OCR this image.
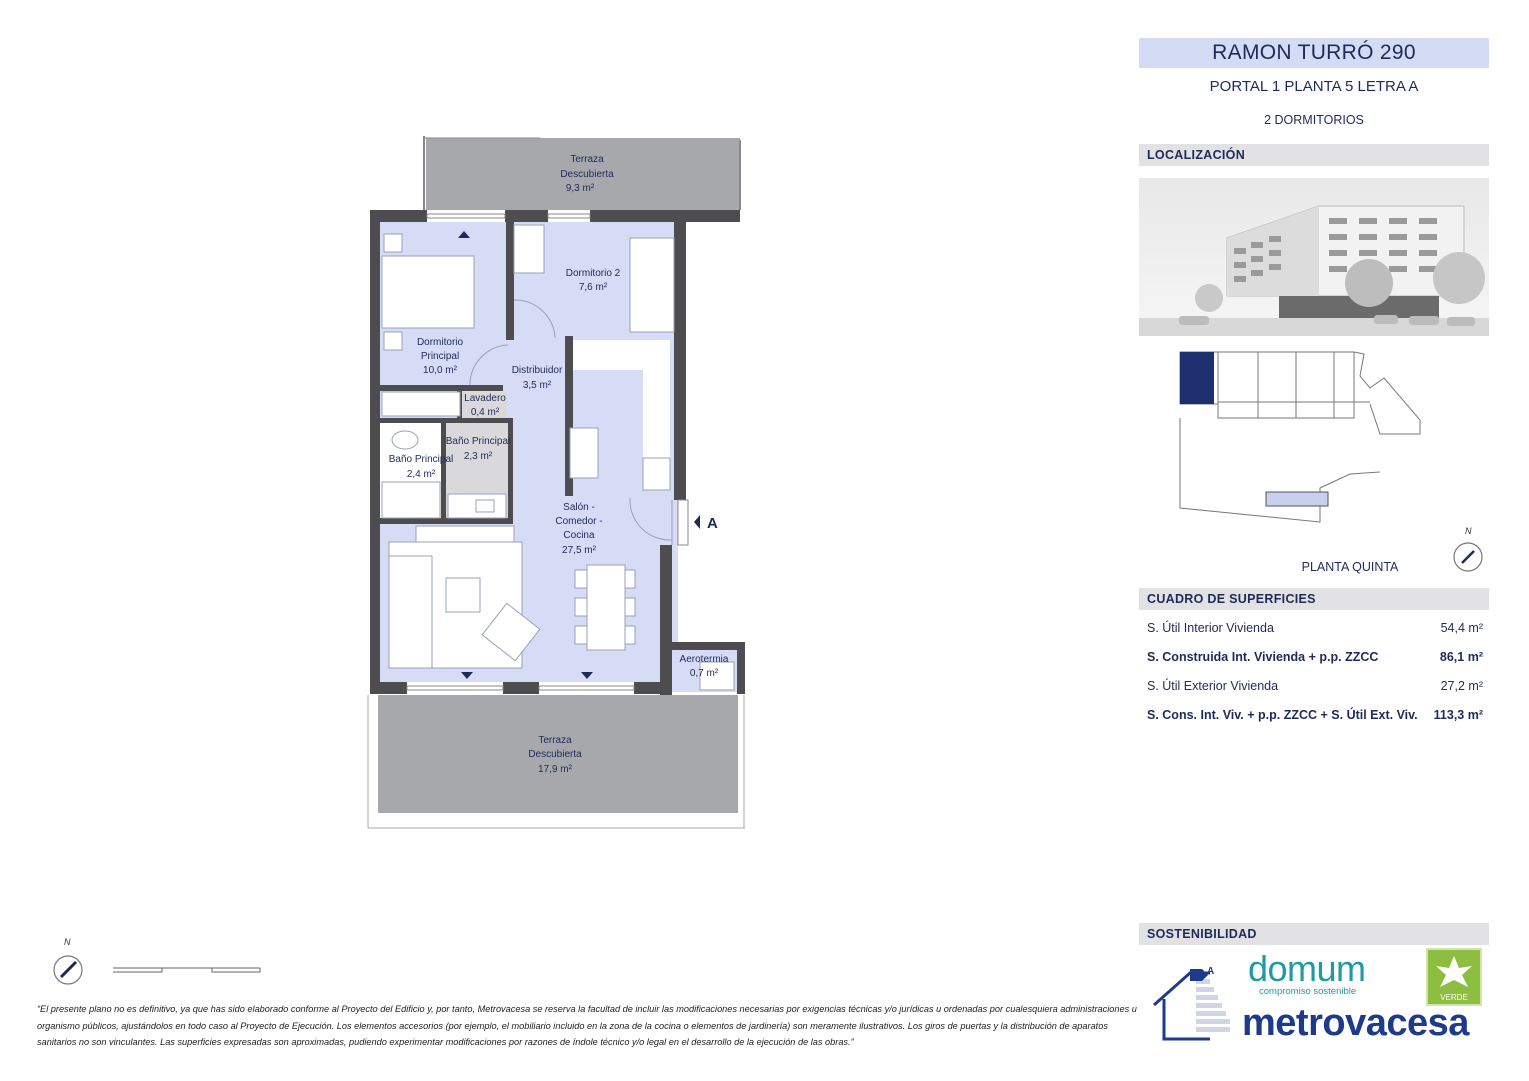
A
Terraza
Descubierta
9,3 m²
Dormitorio 2
7,6 m²
Dormitorio
Principal
10,0 m²	Distribuidor
3,5 m²
Lavadero
0,4 m²
Baño Principal
2,3 m²
Baño Principal
2,4 m²
Salón -
Comedor -
Cocina
27,5 m²
Aerotermia
0,7 m²
Terraza
Descubierta
17,9 m²
N
RAMON TURRÓ 290
PORTAL 1 PLANTA 5 LETRA A
2 DORMITORIOS
LOCALIZACIÓN
N
PLANTA QUINTA
CUADRO DE SUPERFICIES
S. Útil Interior Vivienda	54,4 m²
S. Construida Int. Vivienda + p.p. ZZCC	86,1 m²
S. Útil Exterior Vivienda	27,2 m²
S. Cons. Int. Viv. + p.p. ZZCC + S. Útil Ext. Viv. 113,3 m²
SOSTENIBILIDAD
A domum
compromiso sostenible
VERDE
metrovacesa
“El presente plano no es definitivo, ya que has sido elaborado conforme al Proyecto del Edificio y, por tanto, Metrovacesa se reserva la facultad de incluir las modificaciones necesarias por exigencias técnicas y/o jurídicas u ordenadas por cualesquiera administraciones u organismo públicos, ajustándolos en todo caso al Proyecto de Ejecución. Los elementos accesorios (por ejemplo, el mobiliario incluido en la zona de la cocina o elementos de jardinería) son meramente ilustrativos. Los giros de puertas y la distribución de aparatos sanitarios no son vinculantes. Las superficies expresadas son aproximadas, pudiendo experimentar modificaciones por razones de índole técnico y/o legal en el desarrollo de la ejecución de las obras.”
